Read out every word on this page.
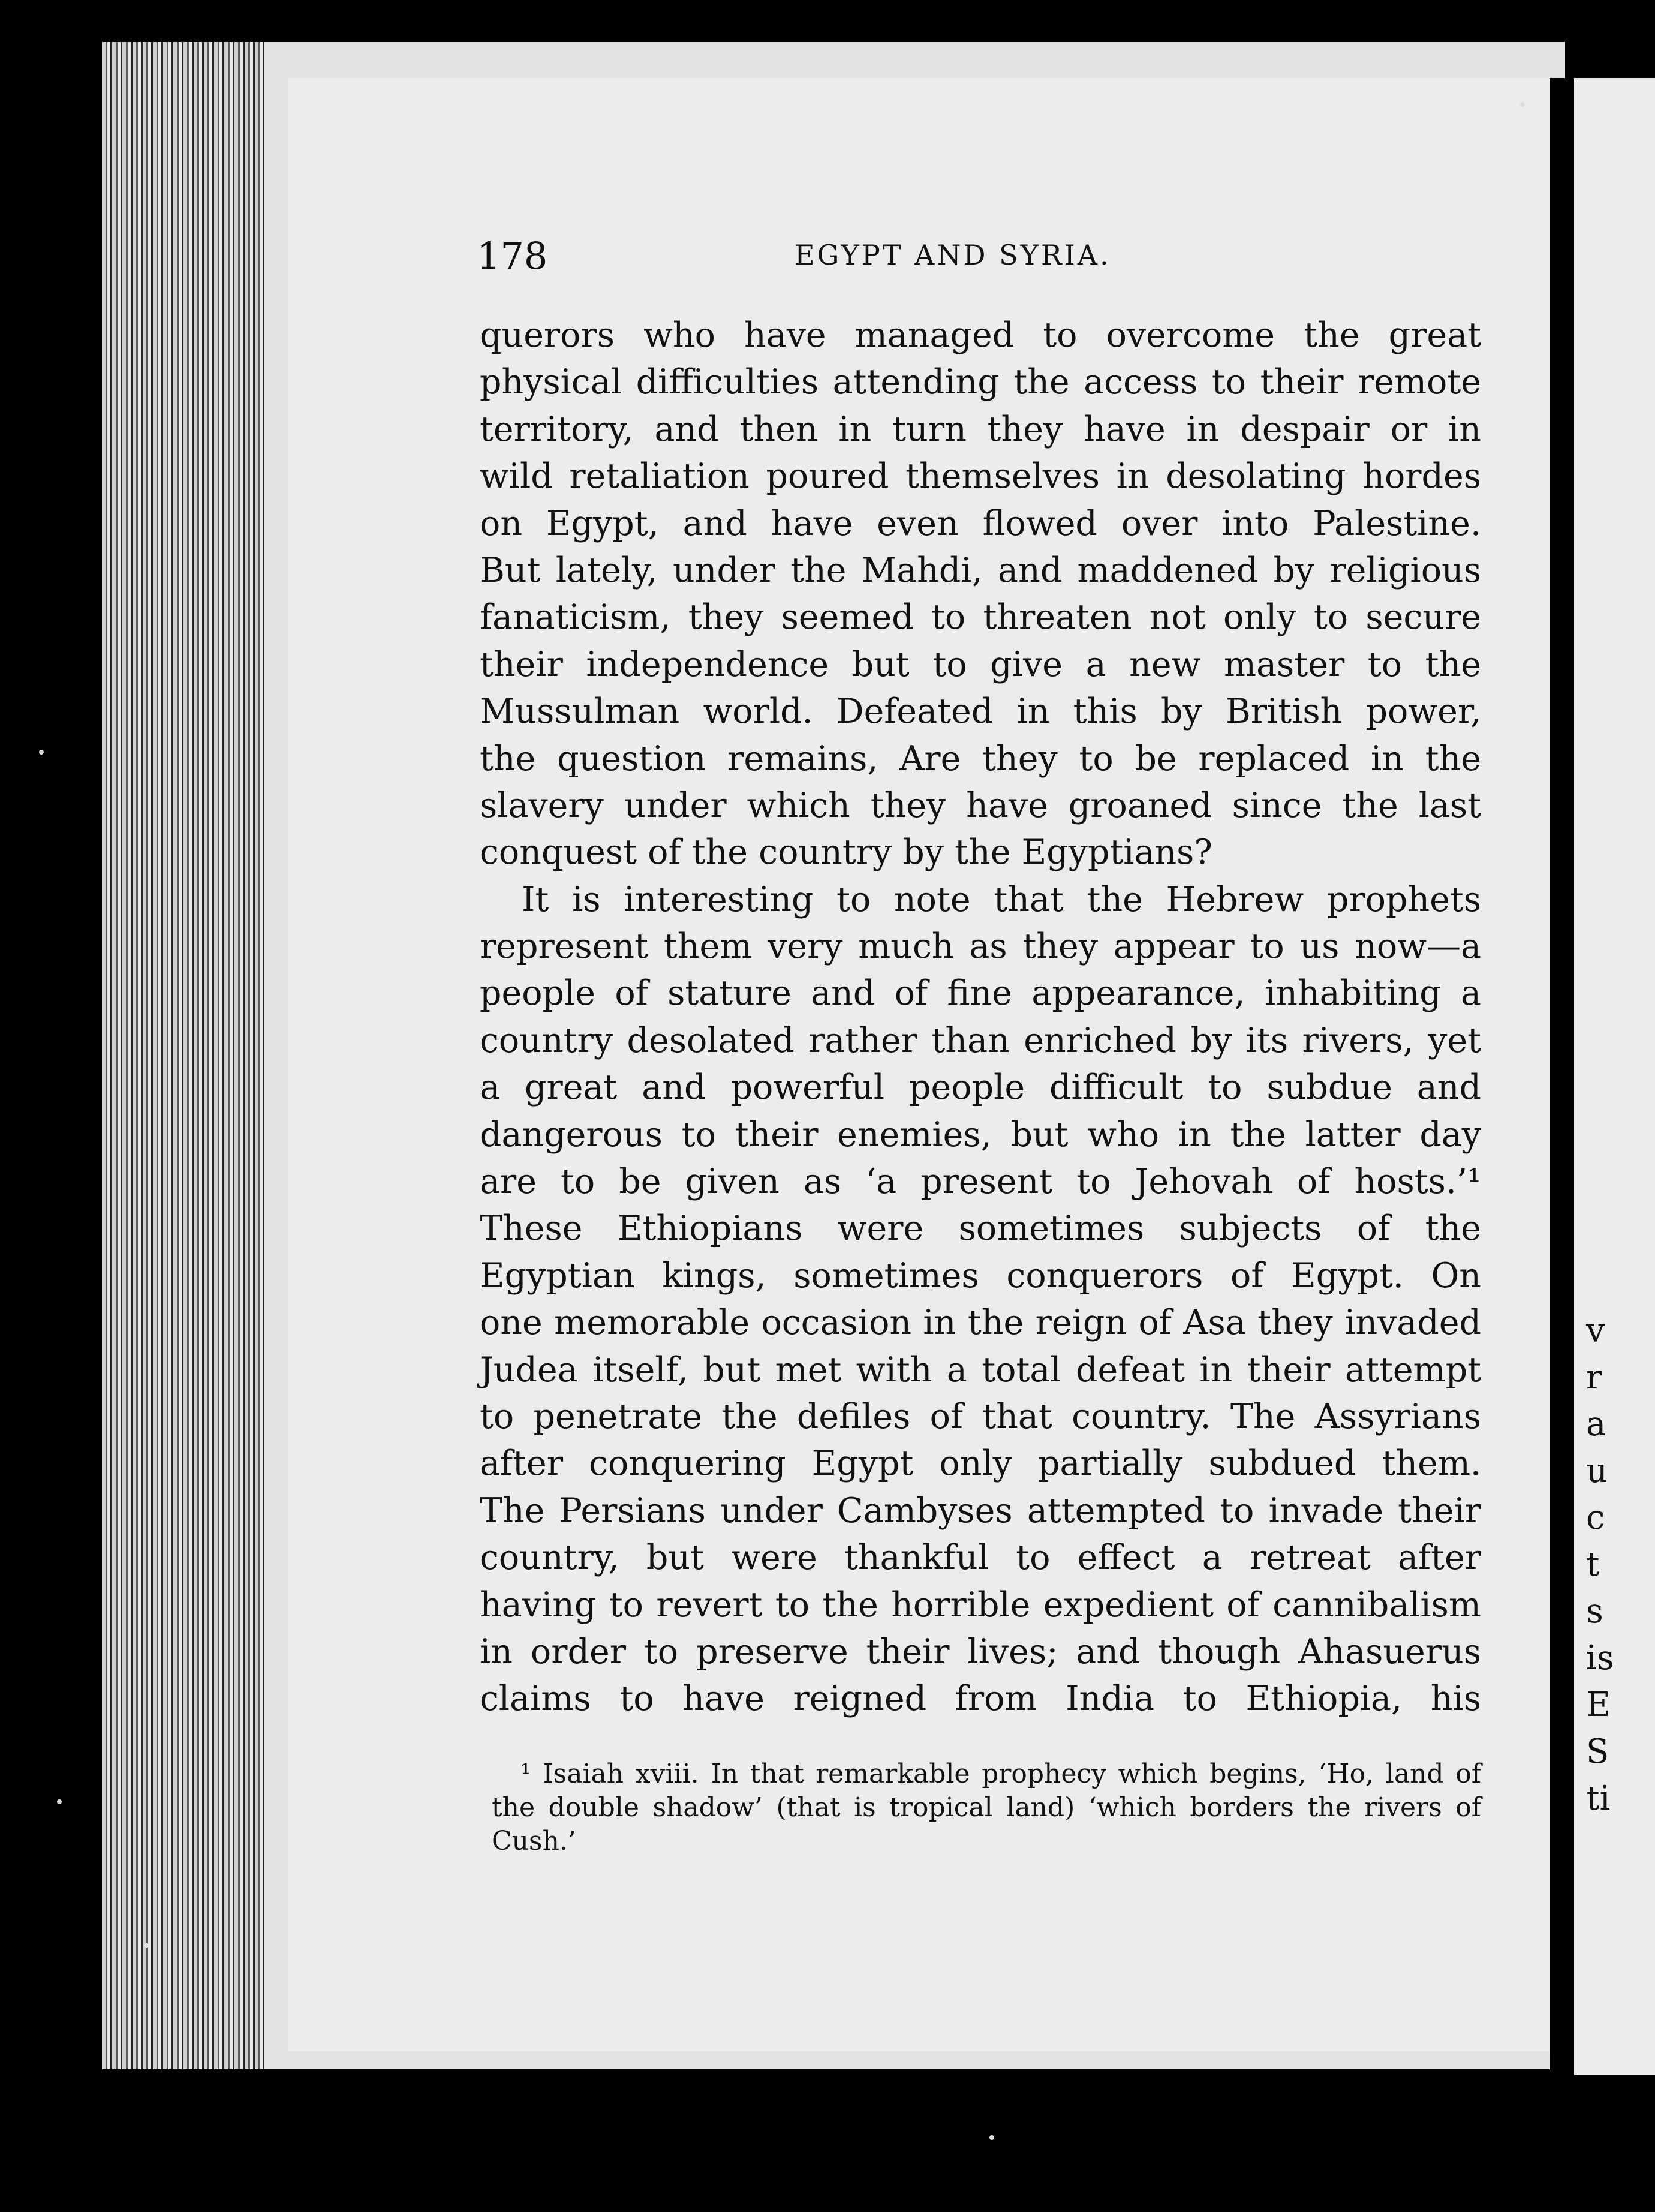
v
r
a
u
c
t
s
is
E
S
ti
178	EGYPT AND SYRIA.
querors who have managed to overcome the great
physical difficulties attending the access to their remote
territory, and then in turn they have in despair or in
wild retaliation poured themselves in desolating hordes
on Egypt, and have even flowed over into Palestine.
But lately, under the Mahdi, and maddened by religious
fanaticism, they seemed to threaten not only to secure
their independence but to give a new master to the
Mussulman world. Defeated in this by British power,
the question remains, Are they to be replaced in the
slavery under which they have groaned since the last
conquest of the country by the Egyptians?
It is interesting to note that the Hebrew prophets
represent them very much as they appear to us now—a
people of stature and of fine appearance, inhabiting a
country desolated rather than enriched by its rivers, yet
a great and powerful people difficult to subdue and
dangerous to their enemies, but who in the latter day
are to be given as ‘a present to Jehovah of hosts.’¹
These Ethiopians were sometimes subjects of the
Egyptian kings, sometimes conquerors of Egypt. On
one memorable occasion in the reign of Asa they invaded
Judea itself, but met with a total defeat in their attempt
to penetrate the defiles of that country. The Assyrians
after conquering Egypt only partially subdued them.
The Persians under Cambyses attempted to invade their
country, but were thankful to effect a retreat after
having to revert to the horrible expedient of cannibalism
in order to preserve their lives; and though Ahasuerus
claims to have reigned from India to Ethiopia, his
¹ Isaiah xviii. In that remarkable prophecy which begins, ‘Ho, land of
the double shadow’ (that is tropical land) ‘which borders the rivers of
Cush.’
